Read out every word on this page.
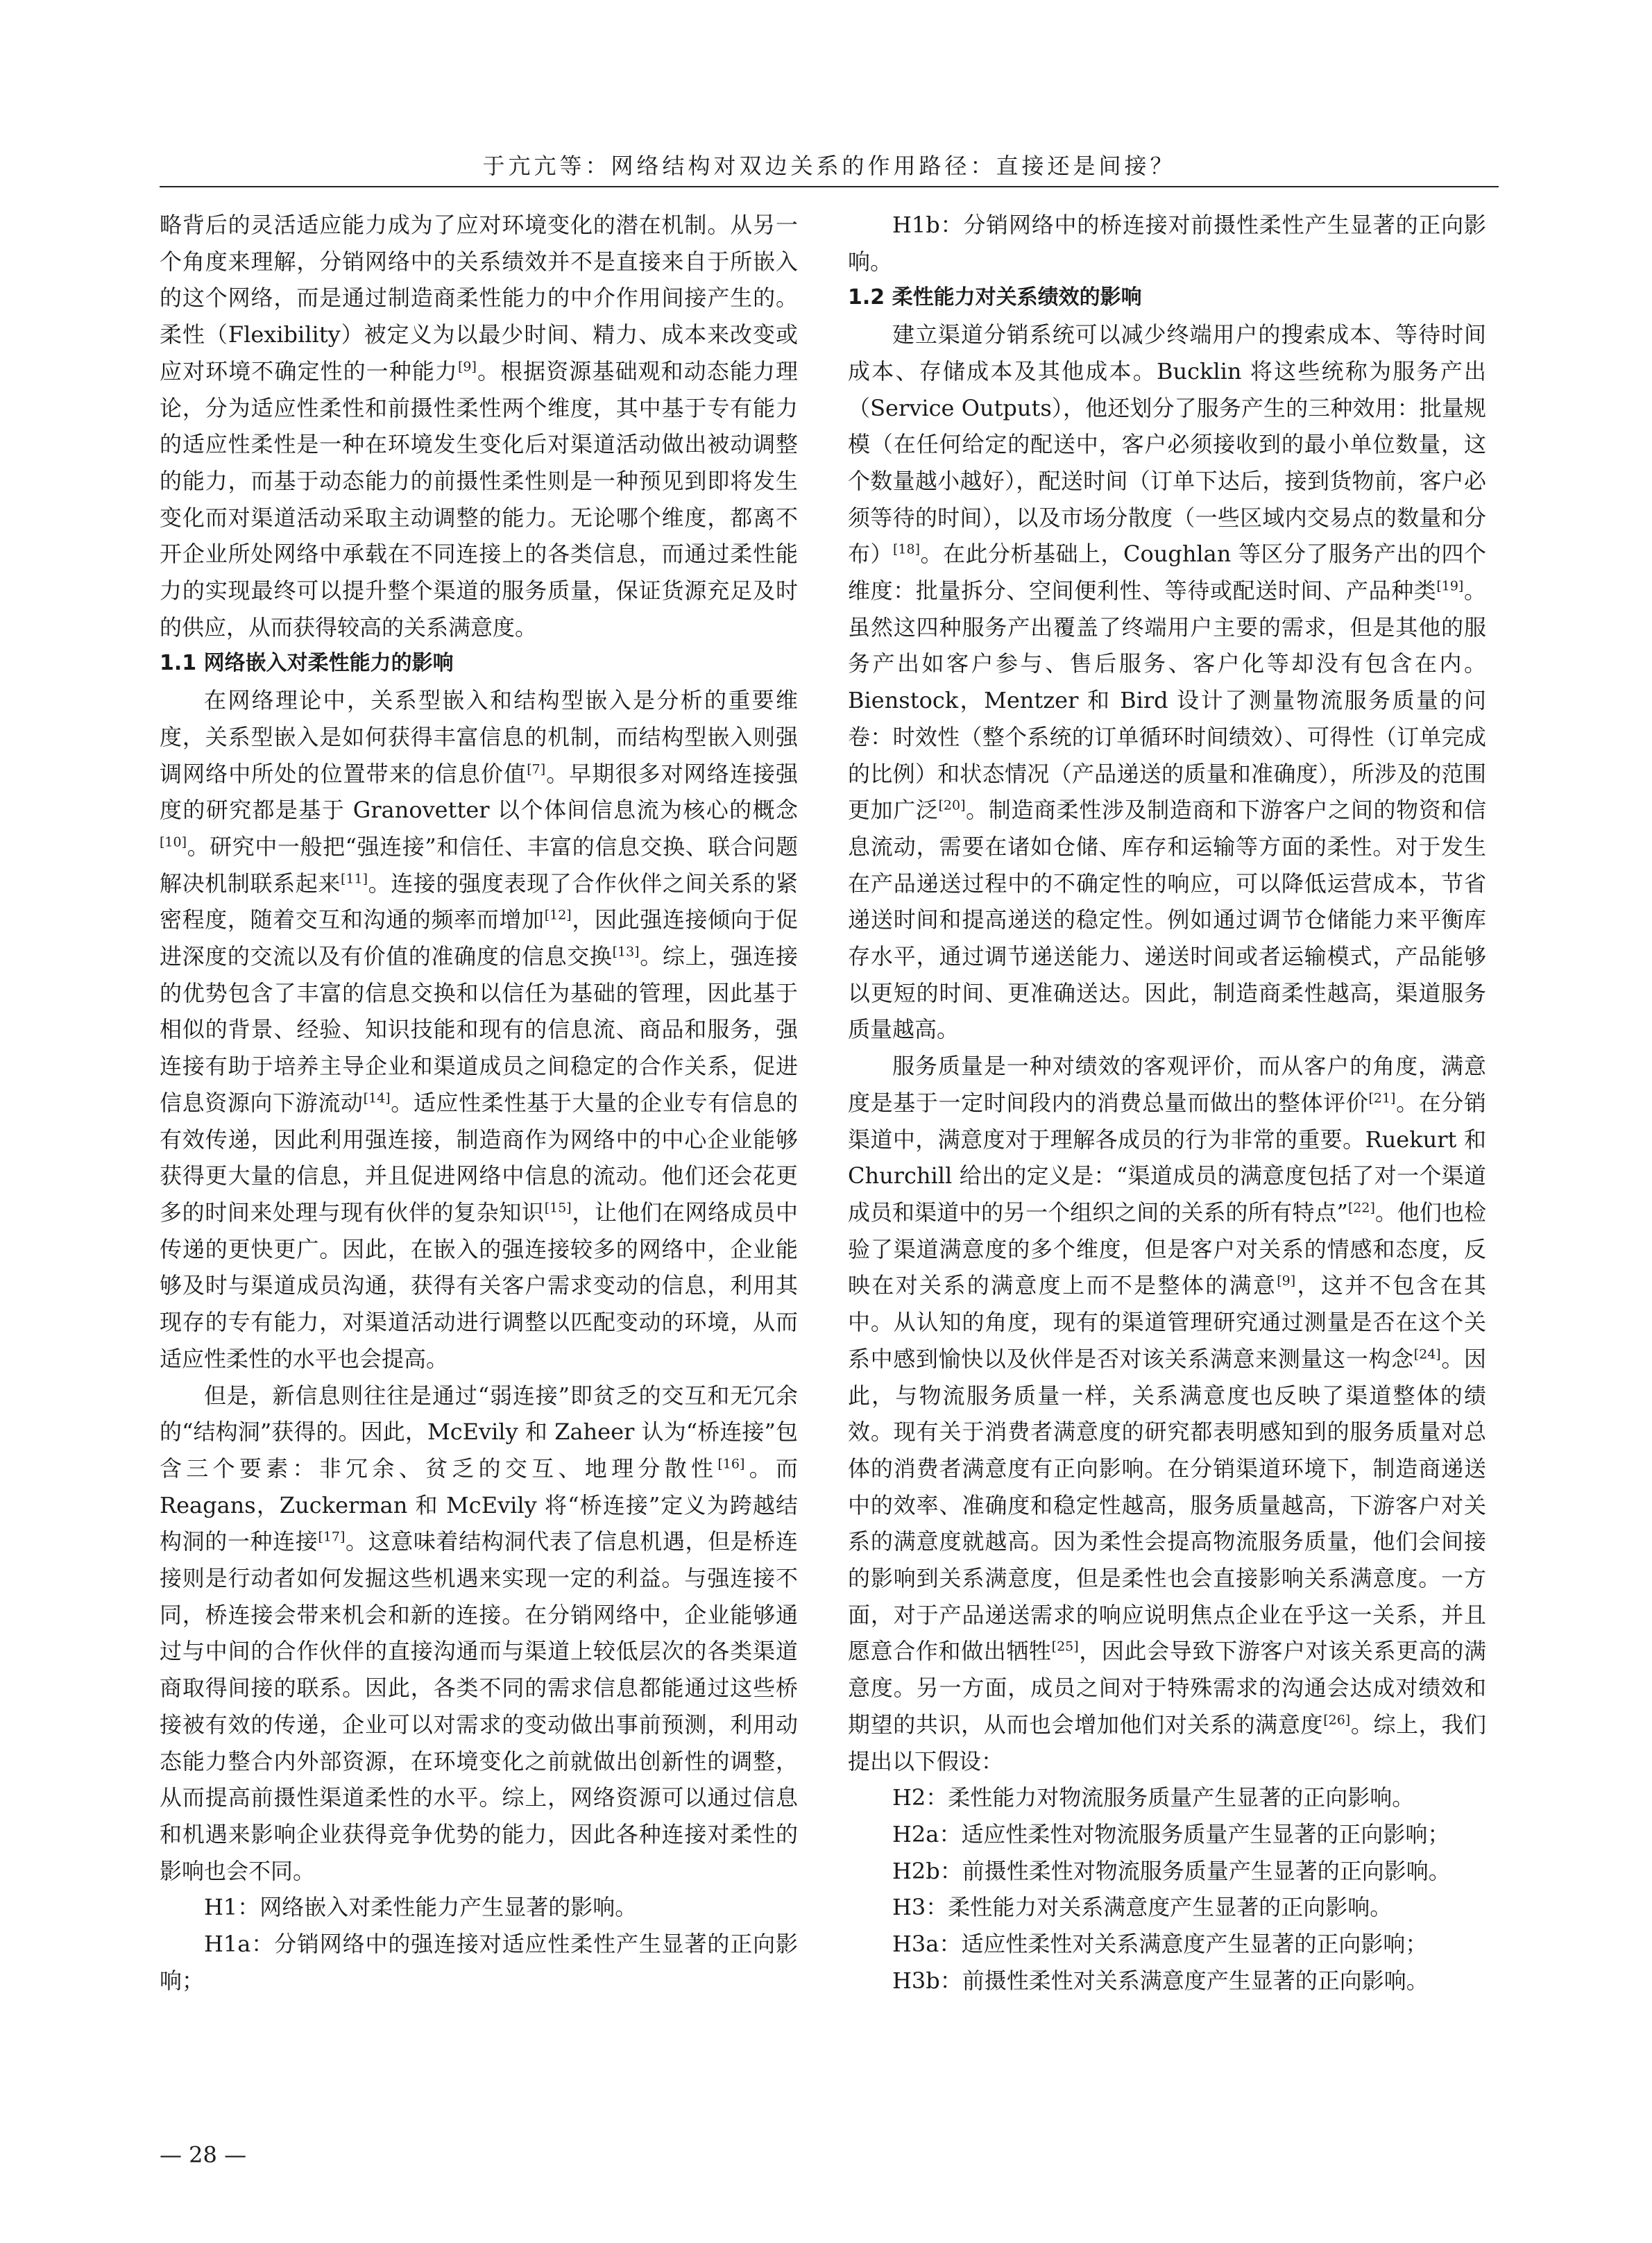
于亢亢等：网络结构对双边关系的作用路径：直接还是间接？

略背后的灵活适应能力成为了应对环境变化的潜在机制。从另一个角度来理解，分销网络中的关系绩效并不是直接来自于所嵌入的这个网络，而是通过制造商柔性能力的中介作用间接产生的。柔性（Flexibility）被定义为以最少时间、精力、成本来改变或应对环境不确定性的一种能力[9]。根据资源基础观和动态能力理论，分为适应性柔性和前摄性柔性两个维度，其中基于专有能力的适应性柔性是一种在环境发生变化后对渠道活动做出被动调整的能力，而基于动态能力的前摄性柔性则是一种预见到即将发生变化而对渠道活动采取主动调整的能力。无论哪个维度，都离不开企业所处网络中承载在不同连接上的各类信息，而通过柔性能力的实现最终可以提升整个渠道的服务质量，保证货源充足及时的供应，从而获得较高的关系满意度。

1.1 网络嵌入对柔性能力的影响

在网络理论中，关系型嵌入和结构型嵌入是分析的重要维度，关系型嵌入是如何获得丰富信息的机制，而结构型嵌入则强调网络中所处的位置带来的信息价值[7]。早期很多对网络连接强度的研究都是基于 Granovetter 以个体间信息流为核心的概念[10]。研究中一般把“强连接”和信任、丰富的信息交换、联合问题解决机制联系起来[11]。连接的强度表现了合作伙伴之间关系的紧密程度，随着交互和沟通的频率而增加[12]，因此强连接倾向于促进深度的交流以及有价值的准确度的信息交换[13]。综上，强连接的优势包含了丰富的信息交换和以信任为基础的管理，因此基于相似的背景、经验、知识技能和现有的信息流、商品和服务，强连接有助于培养主导企业和渠道成员之间稳定的合作关系，促进信息资源向下游流动[14]。适应性柔性基于大量的企业专有信息的有效传递，因此利用强连接，制造商作为网络中的中心企业能够获得更大量的信息，并且促进网络中信息的流动。他们还会花更多的时间来处理与现有伙伴的复杂知识[15]，让他们在网络成员中传递的更快更广。因此，在嵌入的强连接较多的网络中，企业能够及时与渠道成员沟通，获得有关客户需求变动的信息，利用其现存的专有能力，对渠道活动进行调整以匹配变动的环境，从而适应性柔性的水平也会提高。

但是，新信息则往往是通过“弱连接”即贫乏的交互和无冗余的“结构洞”获得的。因此，McEvily 和 Zaheer 认为“桥连接”包含三个要素：非冗余、贫乏的交互、地理分散性[16]。而 Reagans，Zuckerman 和 McEvily 将“桥连接”定义为跨越结构洞的一种连接[17]。这意味着结构洞代表了信息机遇，但是桥连接则是行动者如何发掘这些机遇来实现一定的利益。与强连接不同，桥连接会带来机会和新的连接。在分销网络中，企业能够通过与中间的合作伙伴的直接沟通而与渠道上较低层次的各类渠道商取得间接的联系。因此，各类不同的需求信息都能通过这些桥接被有效的传递，企业可以对需求的变动做出事前预测，利用动态能力整合内外部资源，在环境变化之前就做出创新性的调整，从而提高前摄性渠道柔性的水平。综上，网络资源可以通过信息和机遇来影响企业获得竞争优势的能力，因此各种连接对柔性的影响也会不同。

H1：网络嵌入对柔性能力产生显著的影响。

H1a：分销网络中的强连接对适应性柔性产生显著的正向影响；

H1b：分销网络中的桥连接对前摄性柔性产生显著的正向影响。

1.2 柔性能力对关系绩效的影响

建立渠道分销系统可以减少终端用户的搜索成本、等待时间成本、存储成本及其他成本。Bucklin 将这些统称为服务产出（Service Outputs），他还划分了服务产生的三种效用：批量规模（在任何给定的配送中，客户必须接收到的最小单位数量，这个数量越小越好），配送时间（订单下达后，接到货物前，客户必须等待的时间），以及市场分散度（一些区域内交易点的数量和分布）[18]。在此分析基础上，Coughlan 等区分了服务产出的四个维度：批量拆分、空间便利性、等待或配送时间、产品种类[19]。虽然这四种服务产出覆盖了终端用户主要的需求，但是其他的服务产出如客户参与、售后服务、客户化等却没有包含在内。Bienstock，Mentzer 和 Bird 设计了测量物流服务质量的问卷：时效性（整个系统的订单循环时间绩效）、可得性（订单完成的比例）和状态情况（产品递送的质量和准确度），所涉及的范围更加广泛[20]。制造商柔性涉及制造商和下游客户之间的物资和信息流动，需要在诸如仓储、库存和运输等方面的柔性。对于发生在产品递送过程中的不确定性的响应，可以降低运营成本，节省递送时间和提高递送的稳定性。例如通过调节仓储能力来平衡库存水平，通过调节递送能力、递送时间或者运输模式，产品能够以更短的时间、更准确送达。因此，制造商柔性越高，渠道服务质量越高。

服务质量是一种对绩效的客观评价，而从客户的角度，满意度是基于一定时间段内的消费总量而做出的整体评价[21]。在分销渠道中，满意度对于理解各成员的行为非常的重要。Ruekurt 和 Churchill 给出的定义是：“渠道成员的满意度包括了对一个渠道成员和渠道中的另一个组织之间的关系的所有特点”[22]。他们也检验了渠道满意度的多个维度，但是客户对关系的情感和态度，反映在对关系的满意度上而不是整体的满意[9]，这并不包含在其中。从认知的角度，现有的渠道管理研究通过测量是否在这个关系中感到愉快以及伙伴是否对该关系满意来测量这一构念[24]。因此，与物流服务质量一样，关系满意度也反映了渠道整体的绩效。现有关于消费者满意度的研究都表明感知到的服务质量对总体的消费者满意度有正向影响。在分销渠道环境下，制造商递送中的效率、准确度和稳定性越高，服务质量越高，下游客户对关系的满意度就越高。因为柔性会提高物流服务质量，他们会间接的影响到关系满意度，但是柔性也会直接影响关系满意度。一方面，对于产品递送需求的响应说明焦点企业在乎这一关系，并且愿意合作和做出牺牲[25]，因此会导致下游客户对该关系更高的满意度。另一方面，成员之间对于特殊需求的沟通会达成对绩效和期望的共识，从而也会增加他们对关系的满意度[26]。综上，我们提出以下假设：

H2：柔性能力对物流服务质量产生显著的正向影响。

H2a：适应性柔性对物流服务质量产生显著的正向影响；

H2b：前摄性柔性对物流服务质量产生显著的正向影响。

H3：柔性能力对关系满意度产生显著的正向影响。

H3a：适应性柔性对关系满意度产生显著的正向影响；

H3b：前摄性柔性对关系满意度产生显著的正向影响。

— 28 —
